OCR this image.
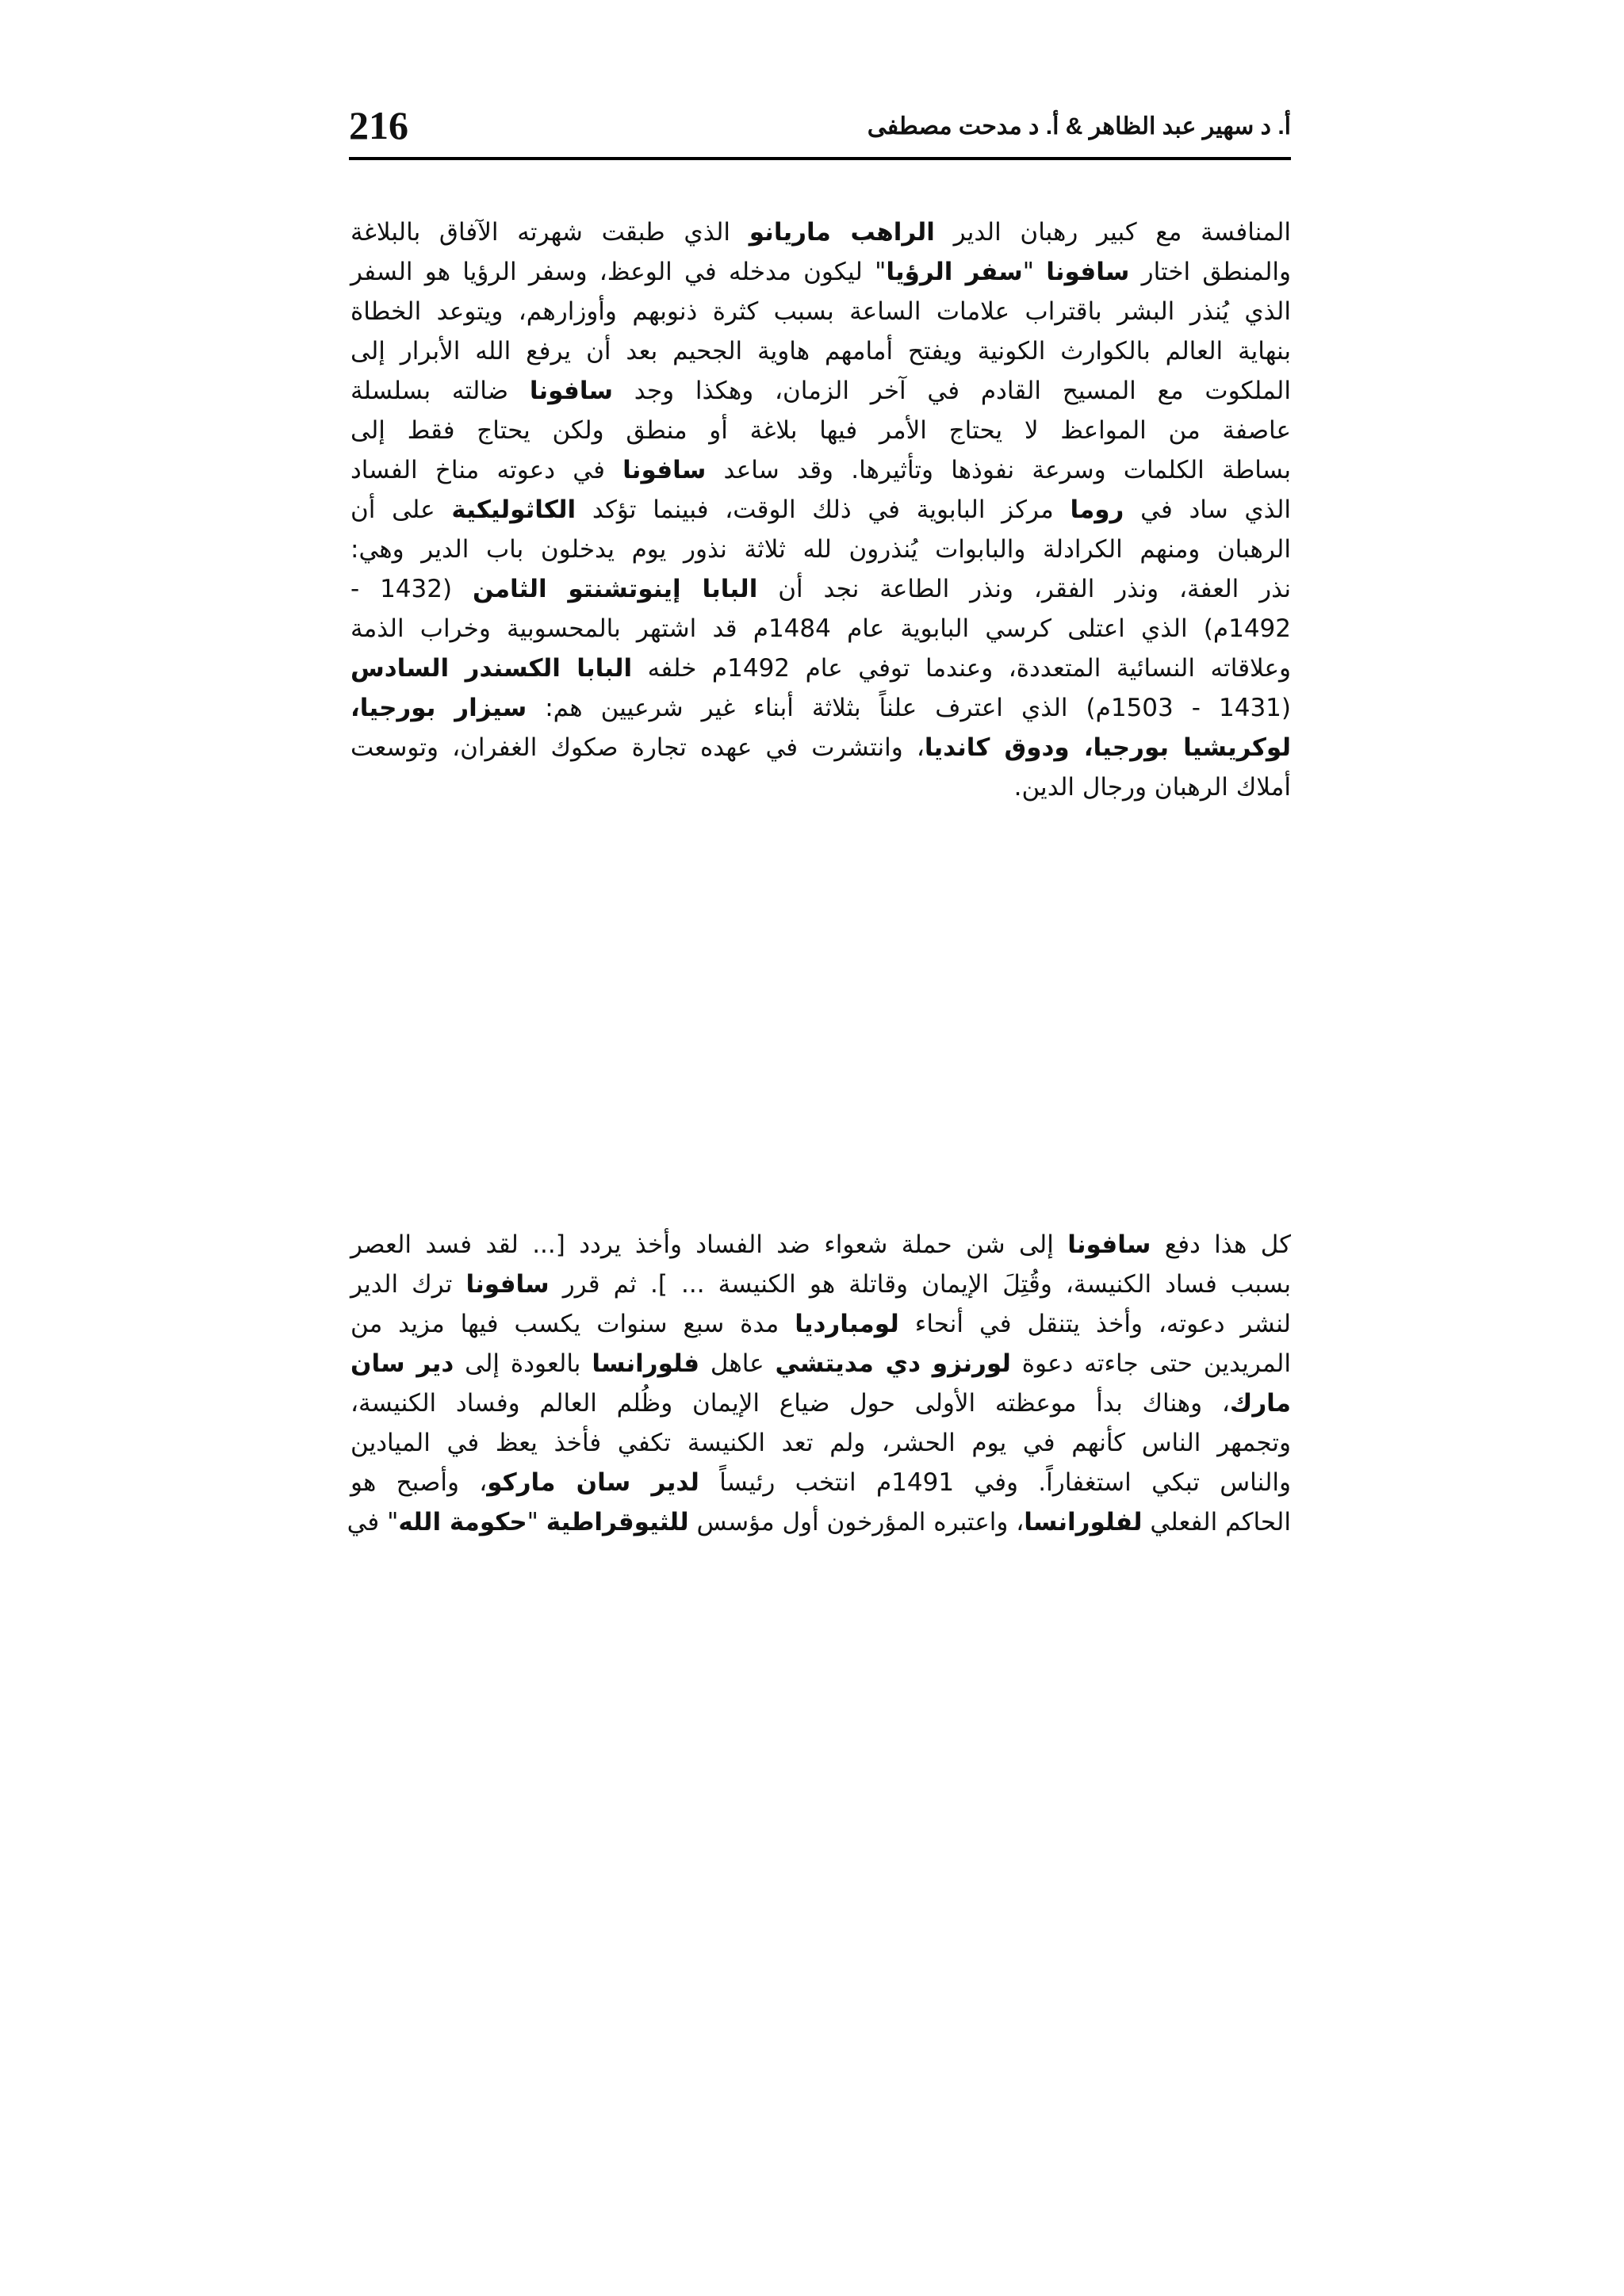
216	أ. د سهير عبد الظاهر & أ. د مدحت مصطفى
المنافسة مع كبير رهبان الدير الراهب ماريانو الذي طبقت شهرته الآفاق بالبلاغة
والمنطق اختار سافونا "سفر الرؤيا" ليكون مدخله في الوعظ، وسفر الرؤيا هو السفر
الذي يُنذر البشر باقتراب علامات الساعة بسبب كثرة ذنوبهم وأوزارهم، ويتوعد الخطاة
بنهاية العالم بالكوارث الكونية ويفتح أمامهم هاوية الجحيم بعد أن يرفع الله الأبرار إلى
الملكوت مع المسيح القادم في آخر الزمان، وهكذا وجد سافونا ضالته بسلسلة
عاصفة من المواعظ لا يحتاج الأمر فيها بلاغة أو منطق ولكن يحتاج فقط إلى
بساطة الكلمات وسرعة نفوذها وتأثيرها. وقد ساعد سافونا في دعوته مناخ الفساد
الذي ساد في روما مركز البابوية في ذلك الوقت، فبينما تؤكد الكاثوليكية على أن
الرهبان ومنهم الكرادلة والبابوات يُنذرون لله ثلاثة نذور يوم يدخلون باب الدير وهي:
نذر العفة، ونذر الفقر، ونذر الطاعة نجد أن البابا إينوتشنتو الثامن (1432 -
1492م) الذي اعتلى كرسي البابوية عام 1484م قد اشتهر بالمحسوبية وخراب الذمة
وعلاقاته النسائية المتعددة، وعندما توفي عام 1492م خلفه البابا الكسندر السادس
(1431 - 1503م) الذي اعترف علناً بثلاثة أبناء غير شرعيين هم: سيزار بورجيا،
لوكريشيا بورجيا، ودوق كانديا، وانتشرت في عهده تجارة صكوك الغفران، وتوسعت
أملاك الرهبان ورجال الدين.
كل هذا دفع سافونا إلى شن حملة شعواء ضد الفساد وأخذ يردد [... لقد فسد العصر
بسبب فساد الكنيسة، وقُتِلَ الإيمان وقاتلة هو الكنيسة ... ]. ثم قرر سافونا ترك الدير
لنشر دعوته، وأخذ يتنقل في أنحاء لومبارديا مدة سبع سنوات يكسب فيها مزيد من
المريدين حتى جاءته دعوة لورنزو دي مديتشي عاهل فلورانسا بالعودة إلى دير سان
مارك، وهناك بدأ موعظته الأولى حول ضياع الإيمان وظُلم العالم وفساد الكنيسة،
وتجمهر الناس كأنهم في يوم الحشر، ولم تعد الكنيسة تكفي فأخذ يعظ في الميادين
والناس تبكي استغفاراً. وفي 1491م انتخب رئيساً لدير سان ماركو، وأصبح هو
الحاكم الفعلي لفلورانسا، واعتبره المؤرخون أول مؤسس للثيوقراطية "حكومة الله" في
